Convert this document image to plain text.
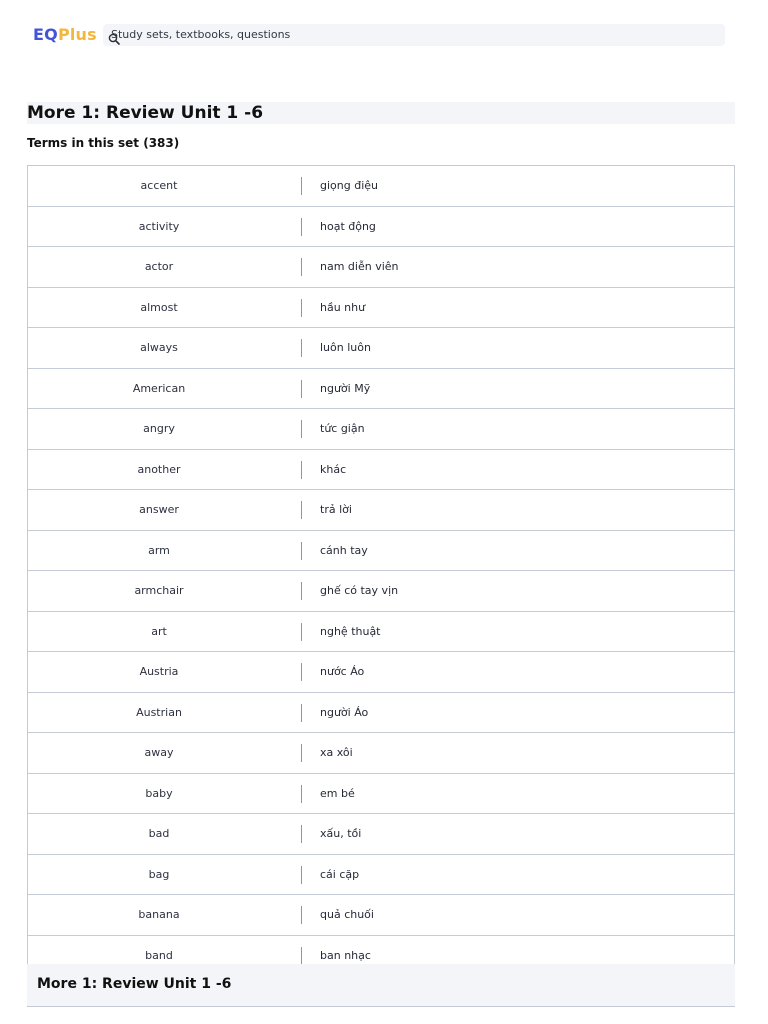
EQPlus Study sets, textbooks, questions
More 1: Review Unit 1 -6
Terms in this set (383)
accent	giọng điệu
activity	hoạt động
actor	nam diễn viên
almost	hầu như
always	luôn luôn
American	người Mỹ
angry	tức giận
another	khác
answer	trả lời
arm	cánh tay
armchair	ghế có tay vịn
art	nghệ thuật
Austria	nước Áo
Austrian	người Áo
away	xa xôi
baby	em bé
bad	xấu, tồi
bag	cái cặp
banana	quả chuối
band	ban nhạc
More 1: Review Unit 1 -6
